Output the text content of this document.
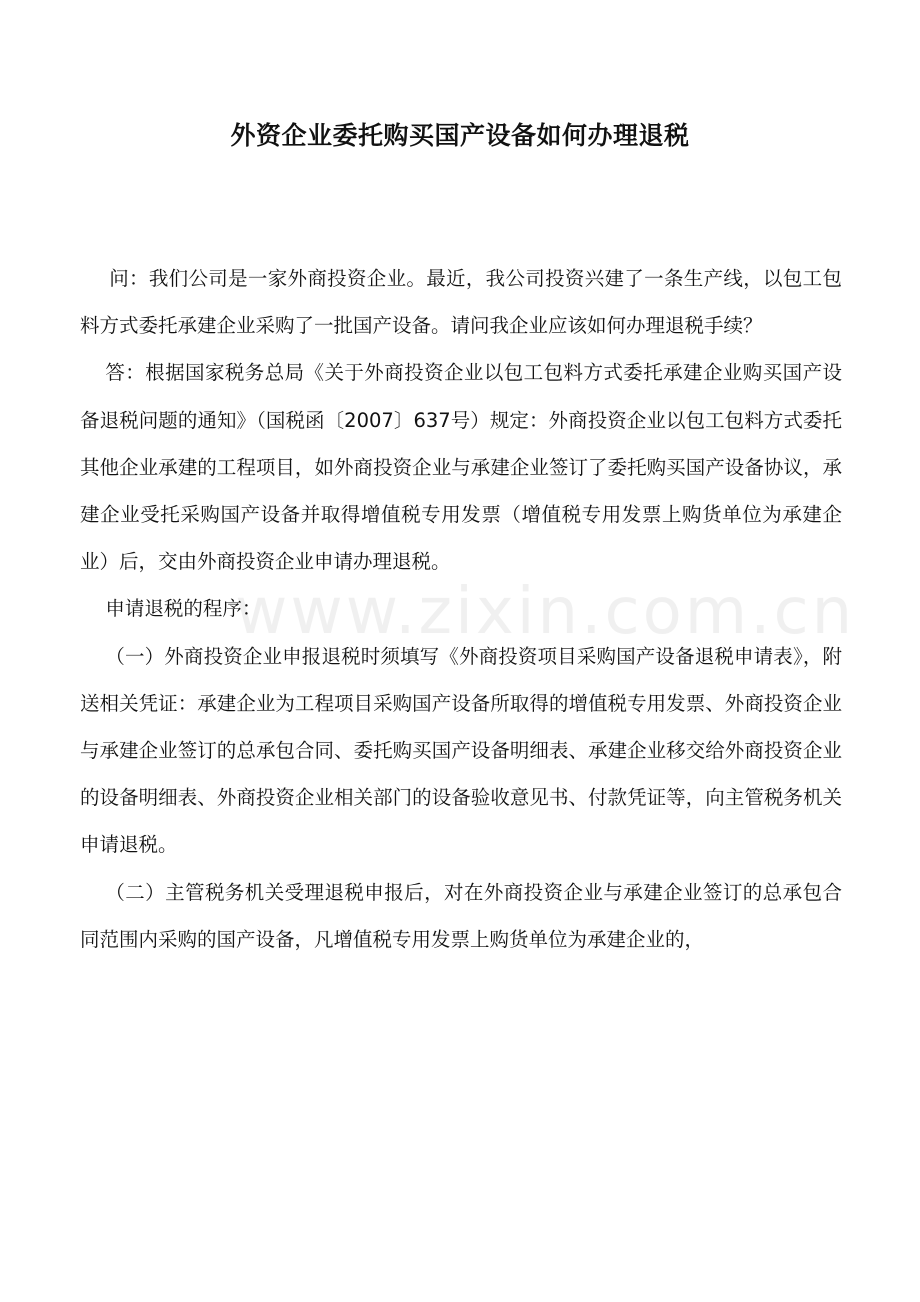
外资企业委托购买国产设备如何办理退税
www.zixin.com.cn

问：我们公司是一家外商投资企业。最近，我公司投资兴建了一条生产线，以包工包料方式委托承建企业采购了一批国产设备。请问我企业应该如何办理退税手续？

答：根据国家税务总局《关于外商投资企业以包工包料方式委托承建企业购买国产设备退税问题的通知》（国税函〔2007〕637号）规定：外商投资企业以包工包料方式委托其他企业承建的工程项目，如外商投资企业与承建企业签订了委托购买国产设备协议，承建企业受托采购国产设备并取得增值税专用发票（增值税专用发票上购货单位为承建企业）后，交由外商投资企业申请办理退税。

申请退税的程序：

（一）外商投资企业申报退税时须填写《外商投资项目采购国产设备退税申请表》，附送相关凭证：承建企业为工程项目采购国产设备所取得的增值税专用发票、外商投资企业与承建企业签订的总承包合同、委托购买国产设备明细表、承建企业移交给外商投资企业的设备明细表、外商投资企业相关部门的设备验收意见书、付款凭证等，向主管税务机关申请退税。

（二）主管税务机关受理退税申报后，对在外商投资企业与承建企业签订的总承包合同范围内采购的国产设备，凡增值税专用发票上购货单位为承建企业的，
